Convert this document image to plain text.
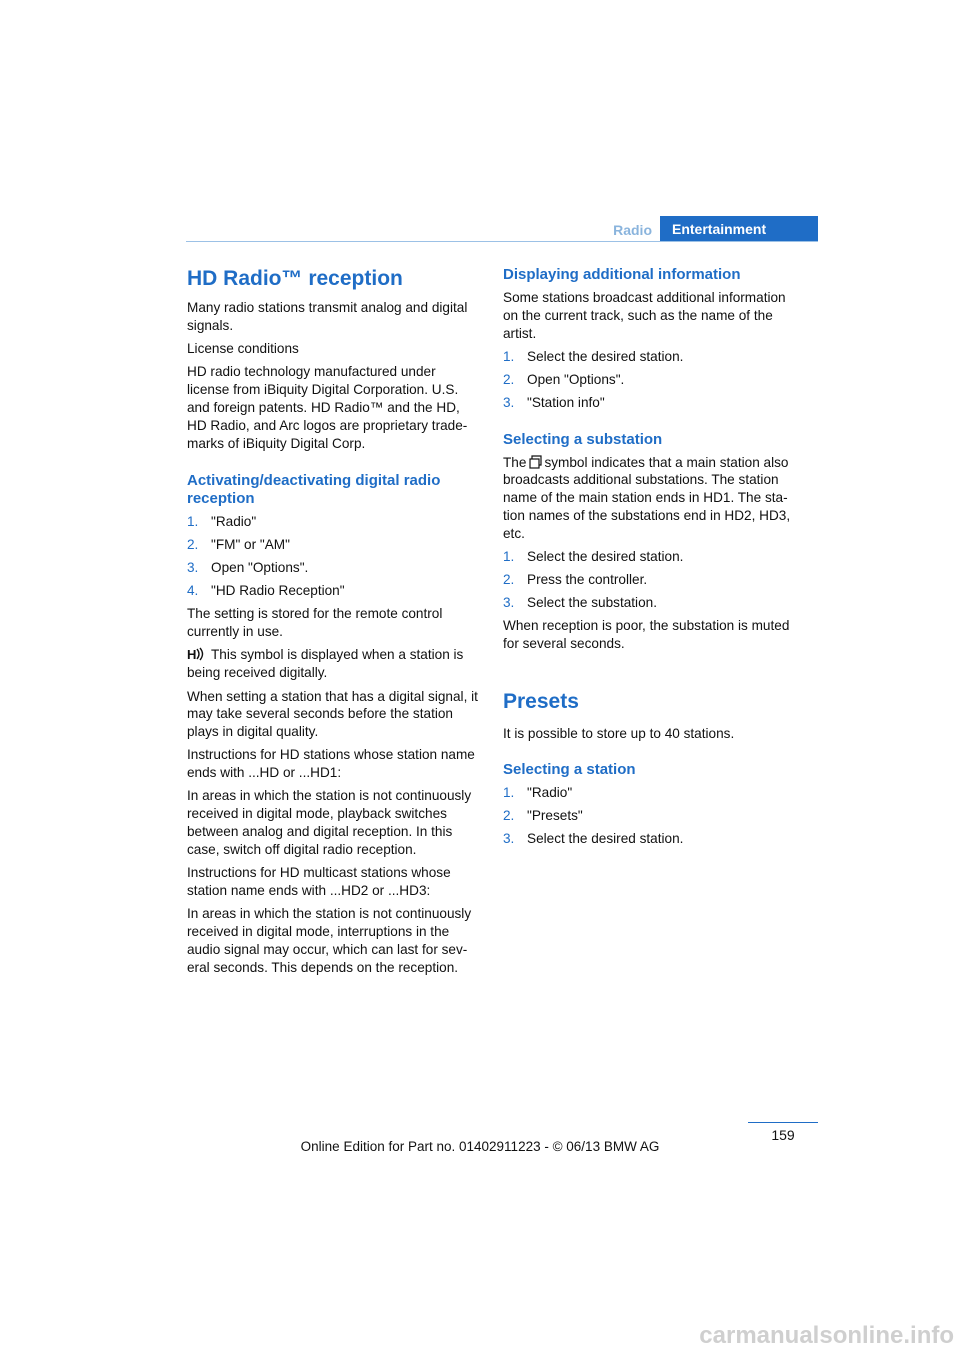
Radio	Entertainment
HD Radio™ reception

Many radio stations transmit analog and digital signals.

License conditions

HD radio technology manufactured under license from iBiquity Digital Corporation. U.S. and foreign patents. HD Radio™ and the HD, HD Radio, and Arc logos are proprietary trademarks of iBiquity Digital Corp.

Activating/deactivating digital radio reception
1. "Radio"
2. "FM" or "AM"
3. Open "Options".
4. "HD Radio Reception"

The setting is stored for the remote control currently in use.

H This symbol is displayed when a station is being received digitally.

When setting a station that has a digital signal, it may take several seconds before the station plays in digital quality.

Instructions for HD stations whose station name ends with ...HD or ...HD1:

In areas in which the station is not continuously received in digital mode, playback switches between analog and digital reception. In this case, switch off digital radio reception.

Instructions for HD multicast stations whose station name ends with ...HD2 or ...HD3:

In areas in which the station is not continuously received in digital mode, interruptions in the audio signal may occur, which can last for several seconds. This depends on the reception.

Displaying additional information

Some stations broadcast additional information on the current track, such as the name of the artist.

1. Select the desired station.
2. Open "Options".
3. "Station info"
Selecting a substation

The symbol indicates that a main station also broadcasts additional substations. The station name of the main station ends in HD1. The station names of the substations end in HD2, HD3, etc.

1. Select the desired station.
2. Press the controller.
3. Select the substation.

When reception is poor, the substation is muted for several seconds.

Presets

It is possible to store up to 40 stations.

Selecting a station
1. "Radio"
2. "Presets"
3. Select the desired station.
159
Online Edition for Part no. 01402911223 - © 06/13 BMW AG
carmanualsonline.info
